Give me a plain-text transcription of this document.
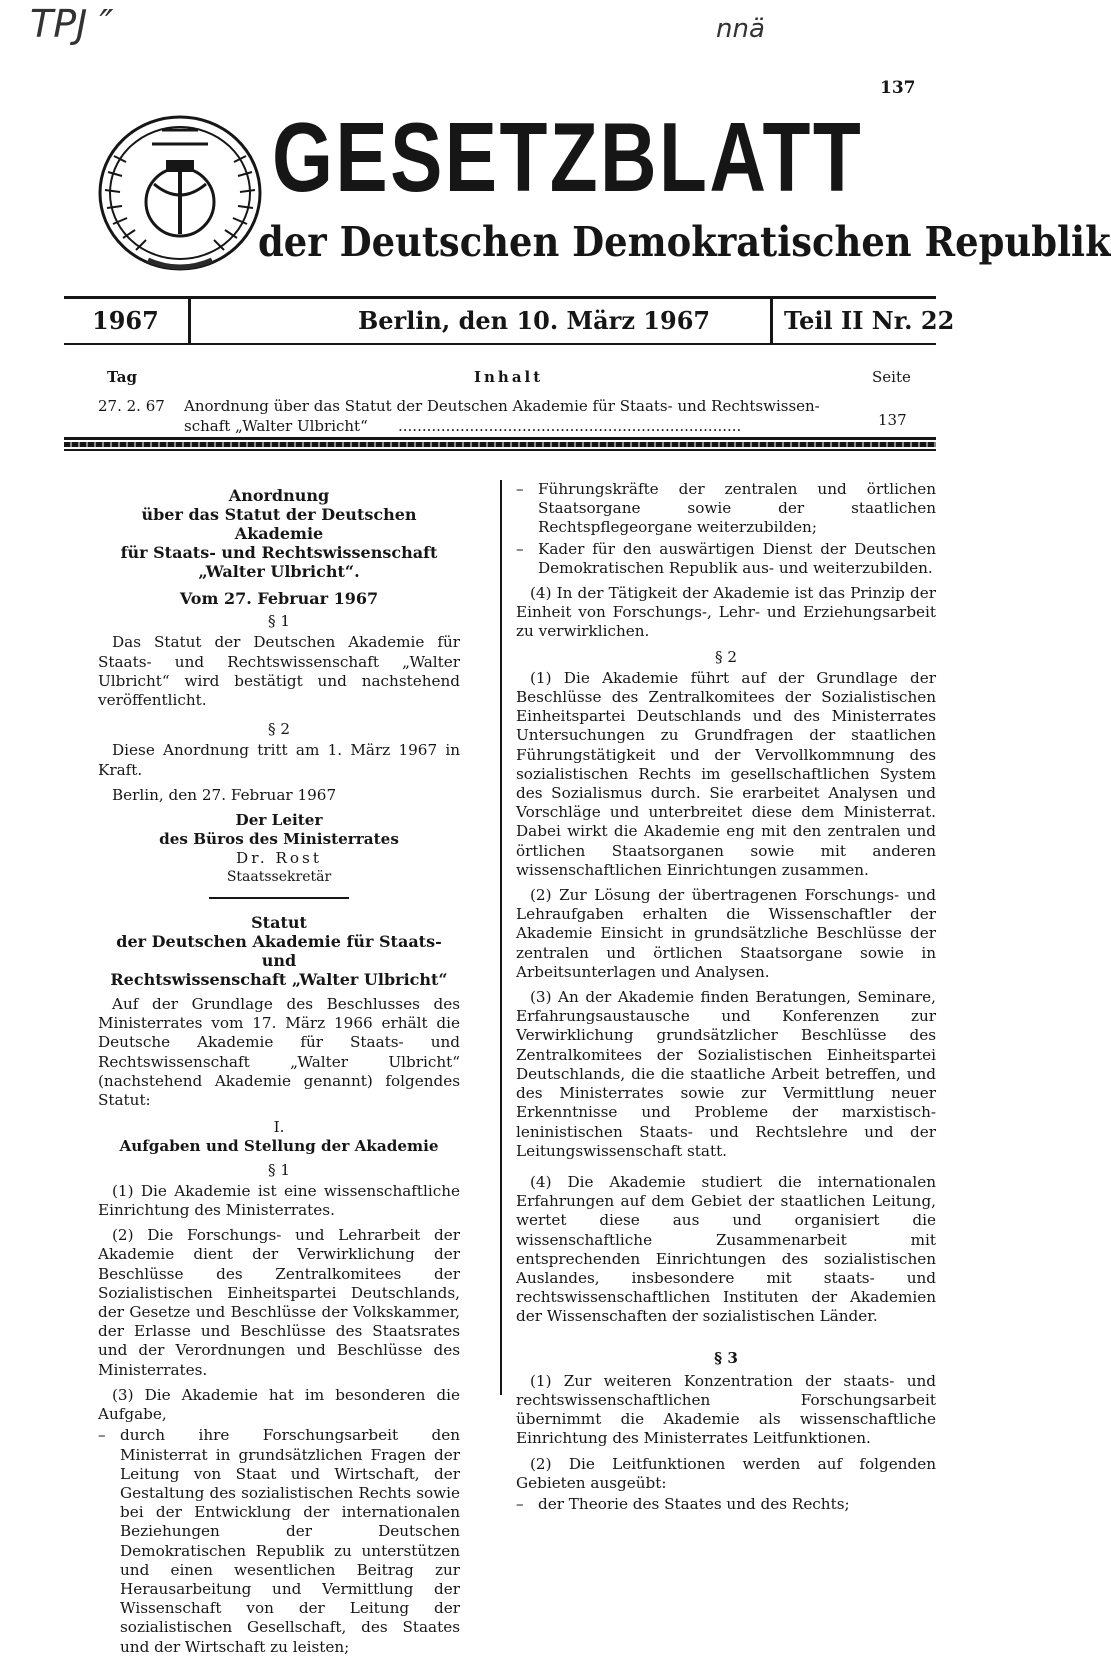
TPJ ″	nnä
137
GESETZBLATT
der Deutschen Demokratischen Republik
1967	Berlin, den 10. März 1967	Teil II Nr. 22
Tag	Inhalt	Seite
27. 2. 67 Anordnung über das Statut der Deutschen Akademie für Staats- und Rechtswissen-
schaft „Walter Ulbricht“ ........................................................................	137
Anordnung
über das Statut der Deutschen Akademie
für Staats- und Rechtswissenschaft
„Walter Ulbricht“.

Vom 27. Februar 1967

§ 1

Das Statut der Deutschen Akademie für Staats- und Rechtswissenschaft „Walter Ulbricht“ wird bestätigt und nachstehend veröffentlicht.

§ 2

Diese Anordnung tritt am 1. März 1967 in Kraft.

Berlin, den 27. Februar 1967

Der Leiter
des Büros des Ministerrates
Dr. Rost
Staatssekretär
Statut
der Deutschen Akademie für Staats- und
Rechtswissenschaft „Walter Ulbricht“

Auf der Grundlage des Beschlusses des Ministerrates vom 17. März 1966 erhält die Deutsche Akademie für Staats- und Rechtswissenschaft „Walter Ulbricht“ (nachstehend Akademie genannt) folgendes Statut:

I.

Aufgaben und Stellung der Akademie

§ 1

(1) Die Akademie ist eine wissenschaftliche Einrichtung des Ministerrates.

(2) Die Forschungs- und Lehrarbeit der Akademie dient der Verwirklichung der Beschlüsse des Zentralkomitees der Sozialistischen Einheitspartei Deutschlands, der Gesetze und Beschlüsse der Volkskammer, der Erlasse und Beschlüsse des Staatsrates und der Verordnungen und Beschlüsse des Ministerrates.

(3) Die Akademie hat im besonderen die Aufgabe,

– durch ihre Forschungsarbeit den Ministerrat in grundsätzlichen Fragen der Leitung von Staat und Wirtschaft, der Gestaltung des sozialistischen Rechts sowie bei der Entwicklung der internationalen Beziehungen der Deutschen Demokratischen Republik zu unterstützen und einen wesentlichen Beitrag zur Herausarbeitung und Vermittlung der Wissenschaft von der Leitung der sozialistischen Gesellschaft, des Staates und der Wirtschaft zu leisten;
– Führungskräfte der zentralen und örtlichen Staatsorgane sowie der staatlichen Rechtspflegeorgane weiterzubilden;
– Kader für den auswärtigen Dienst der Deutschen Demokratischen Republik aus- und weiterzubilden.

(4) In der Tätigkeit der Akademie ist das Prinzip der Einheit von Forschungs-, Lehr- und Erziehungsarbeit zu verwirklichen.

§ 2

(1) Die Akademie führt auf der Grundlage der Beschlüsse des Zentralkomitees der Sozialistischen Einheitspartei Deutschlands und des Ministerrates Untersuchungen zu Grundfragen der staatlichen Führungstätigkeit und der Vervollkommnung des sozialistischen Rechts im gesellschaftlichen System des Sozialismus durch. Sie erarbeitet Analysen und Vorschläge und unterbreitet diese dem Ministerrat. Dabei wirkt die Akademie eng mit den zentralen und örtlichen Staatsorganen sowie mit anderen wissenschaftlichen Einrichtungen zusammen.

(2) Zur Lösung der übertragenen Forschungs- und Lehraufgaben erhalten die Wissenschaftler der Akademie Einsicht in grundsätzliche Beschlüsse der zentralen und örtlichen Staatsorgane sowie in Arbeitsunterlagen und Analysen.

(3) An der Akademie finden Beratungen, Seminare, Erfahrungsaustausche und Konferenzen zur Verwirklichung grundsätzlicher Beschlüsse des Zentralkomitees der Sozialistischen Einheitspartei Deutschlands, die die staatliche Arbeit betreffen, und des Ministerrates sowie zur Vermittlung neuer Erkenntnisse und Probleme der marxistisch-leninistischen Staats- und Rechtslehre und der Leitungswissenschaft statt.

(4) Die Akademie studiert die internationalen Erfahrungen auf dem Gebiet der staatlichen Leitung, wertet diese aus und organisiert die wissenschaftliche Zusammenarbeit mit entsprechenden Einrichtungen des sozialistischen Auslandes, insbesondere mit staats- und rechtswissenschaftlichen Instituten der Akademien der Wissenschaften der sozialistischen Länder.

§ 3

(1) Zur weiteren Konzentration der staats- und rechtswissenschaftlichen Forschungsarbeit übernimmt die Akademie als wissenschaftliche Einrichtung des Ministerrates Leitfunktionen.

(2) Die Leitfunktionen werden auf folgenden Gebieten ausgeübt:

– der Theorie des Staates und des Rechts;
